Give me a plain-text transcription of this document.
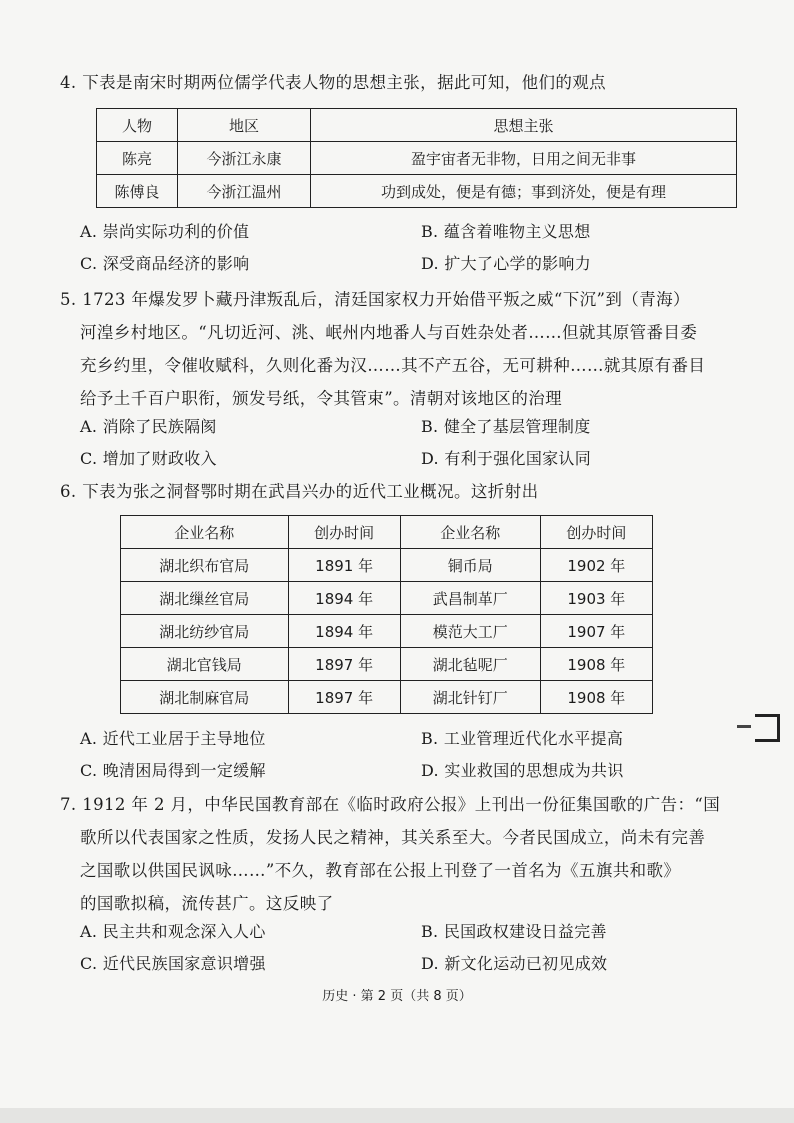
4. 下表是南宋时期两位儒学代表人物的思想主张，据此可知，他们的观点
人物	地区	思想主张
陈亮	今浙江永康	盈宇宙者无非物，日用之间无非事
陈傅良	今浙江温州	功到成处，便是有德；事到济处，便是有理
A. 崇尚实际功利的价值	B. 蕴含着唯物主义思想
C. 深受商品经济的影响	D. 扩大了心学的影响力
5. 1723 年爆发罗卜藏丹津叛乱后，清廷国家权力开始借平叛之威“下沉”到（青海）
河湟乡村地区。“凡切近河、洮、岷州内地番人与百姓杂处者……但就其原管番目委
充乡约里，令催收赋科，久则化番为汉……其不产五谷，无可耕种……就其原有番目
给予土千百户职衔，颁发号纸，令其管束”。清朝对该地区的治理
A. 消除了民族隔阂	B. 健全了基层管理制度
C. 增加了财政收入	D. 有利于强化国家认同
6. 下表为张之洞督鄂时期在武昌兴办的近代工业概况。这折射出
企业名称	创办时间	企业名称	创办时间
湖北织布官局	1891 年	铜币局	1902 年
湖北缫丝官局	1894 年	武昌制革厂	1903 年
湖北纺纱官局	1894 年	模范大工厂	1907 年
湖北官钱局	1897 年	湖北毡呢厂	1908 年
湖北制麻官局	1897 年	湖北针钉厂	1908 年
A. 近代工业居于主导地位	B. 工业管理近代化水平提高
C. 晚清困局得到一定缓解	D. 实业救国的思想成为共识
7. 1912 年 2 月，中华民国教育部在《临时政府公报》上刊出一份征集国歌的广告：“国
歌所以代表国家之性质，发扬人民之精神，其关系至大。今者民国成立，尚未有完善
之国歌以供国民讽咏……”不久，教育部在公报上刊登了一首名为《五旗共和歌》
的国歌拟稿，流传甚广。这反映了
A. 民主共和观念深入人心	B. 民国政权建设日益完善
C. 近代民族国家意识增强	D. 新文化运动已初见成效
历史 · 第 2 页（共 8 页）
